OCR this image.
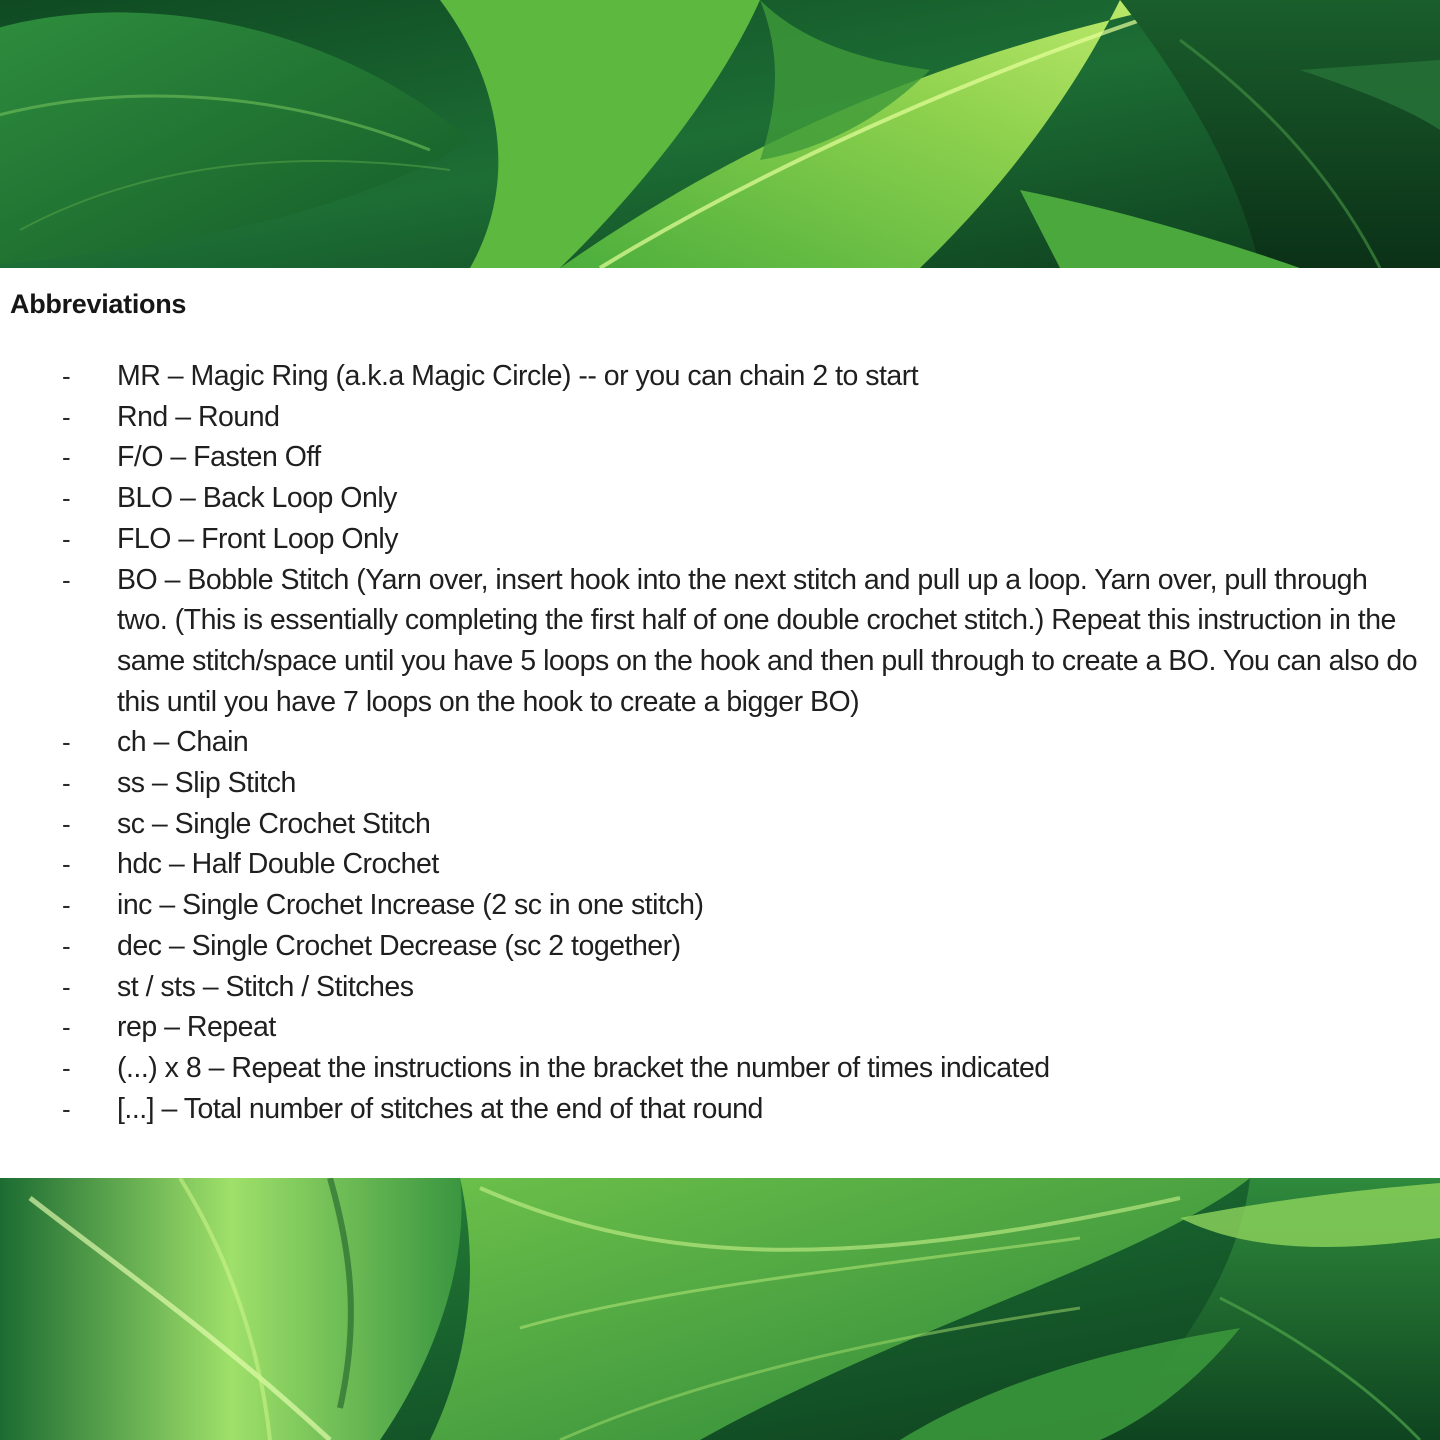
Abbreviations
- MR – Magic Ring (a.k.a Magic Circle) -- or you can chain 2 to start
- Rnd – Round
- F/O – Fasten Off
- BLO – Back Loop Only
- FLO – Front Loop Only
- BO – Bobble Stitch (Yarn over, insert hook into the next stitch and pull up a loop. Yarn over, pull through two. (This is essentially completing the first half of one double crochet stitch.) Repeat this instruction in the same stitch/space until you have 5 loops on the hook and then pull through to create a BO. You can also do this until you have 7 loops on the hook to create a bigger BO)
- ch – Chain
- ss – Slip Stitch
- sc – Single Crochet Stitch
- hdc – Half Double Crochet
- inc – Single Crochet Increase (2 sc in one stitch)
- dec – Single Crochet Decrease (sc 2 together)
- st / sts – Stitch / Stitches
- rep – Repeat
- (...) x 8 – Repeat the instructions in the bracket the number of times indicated
- [...] – Total number of stitches at the end of that round
